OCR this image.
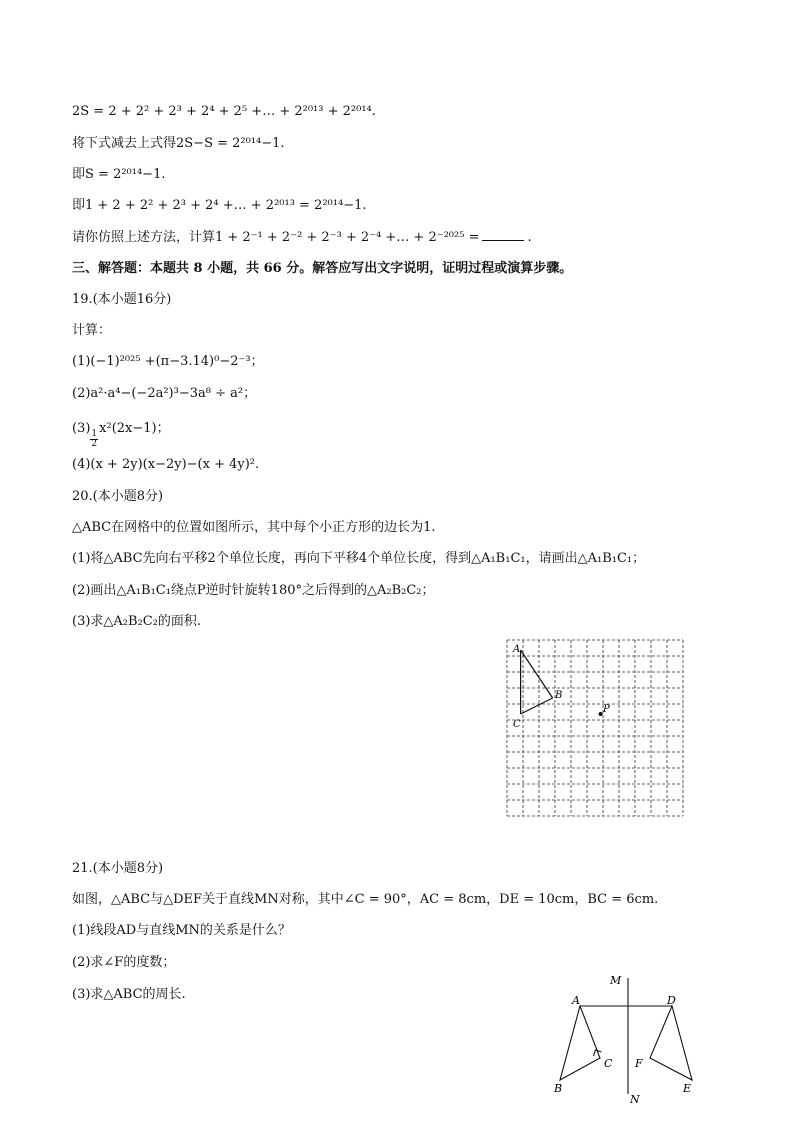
2S = 2 + 2² + 2³ + 2⁴ + 2⁵ +… + 2²⁰¹³ + 2²⁰¹⁴.
将下式减去上式得2S−S = 2²⁰¹⁴−1.
即S = 2²⁰¹⁴−1.
即1 + 2 + 2² + 2³ + 2⁴ +… + 2²⁰¹³ = 2²⁰¹⁴−1.
请你仿照上述方法，计算1 + 2⁻¹ + 2⁻² + 2⁻³ + 2⁻⁴ +… + 2⁻²⁰²⁵ =	.
三、解答题：本题共 8 小题，共 66 分。解答应写出文字说明，证明过程或演算步骤。
19.(本小题16分)
计算：
(1)(−1)²⁰²⁵ +(π−3.14)⁰−2⁻³；
(2)a²·a⁴−(−2a²)³−3a⁸ ÷ a²；
(3)
$\frac{1}{2}$
x²(2x−1)；
(4)(x + 2y)(x−2y)−(x + 4y)².
20.(本小题8分)
△ABC在网格中的位置如图所示，其中每个小正方形的边长为1.
(1)将△ABC先向右平移2个单位长度，再向下平移4个单位长度，得到△A₁B₁C₁，请画出△A₁B₁C₁；
(2)画出△A₁B₁C₁绕点P逆时针旋转180°之后得到的△A₂B₂C₂；
(3)求△A₂B₂C₂的面积.
A
B
C
P
21.(本小题8分)
如图，△ABC与△DEF关于直线MN对称，其中∠C = 90°，AC = 8cm，DE = 10cm，BC = 6cm.
(1)线段AD与直线MN的关系是什么？
(2)求∠F的度数；
(3)求△ABC的周长.
M
N
A
B
C
D
E
F
